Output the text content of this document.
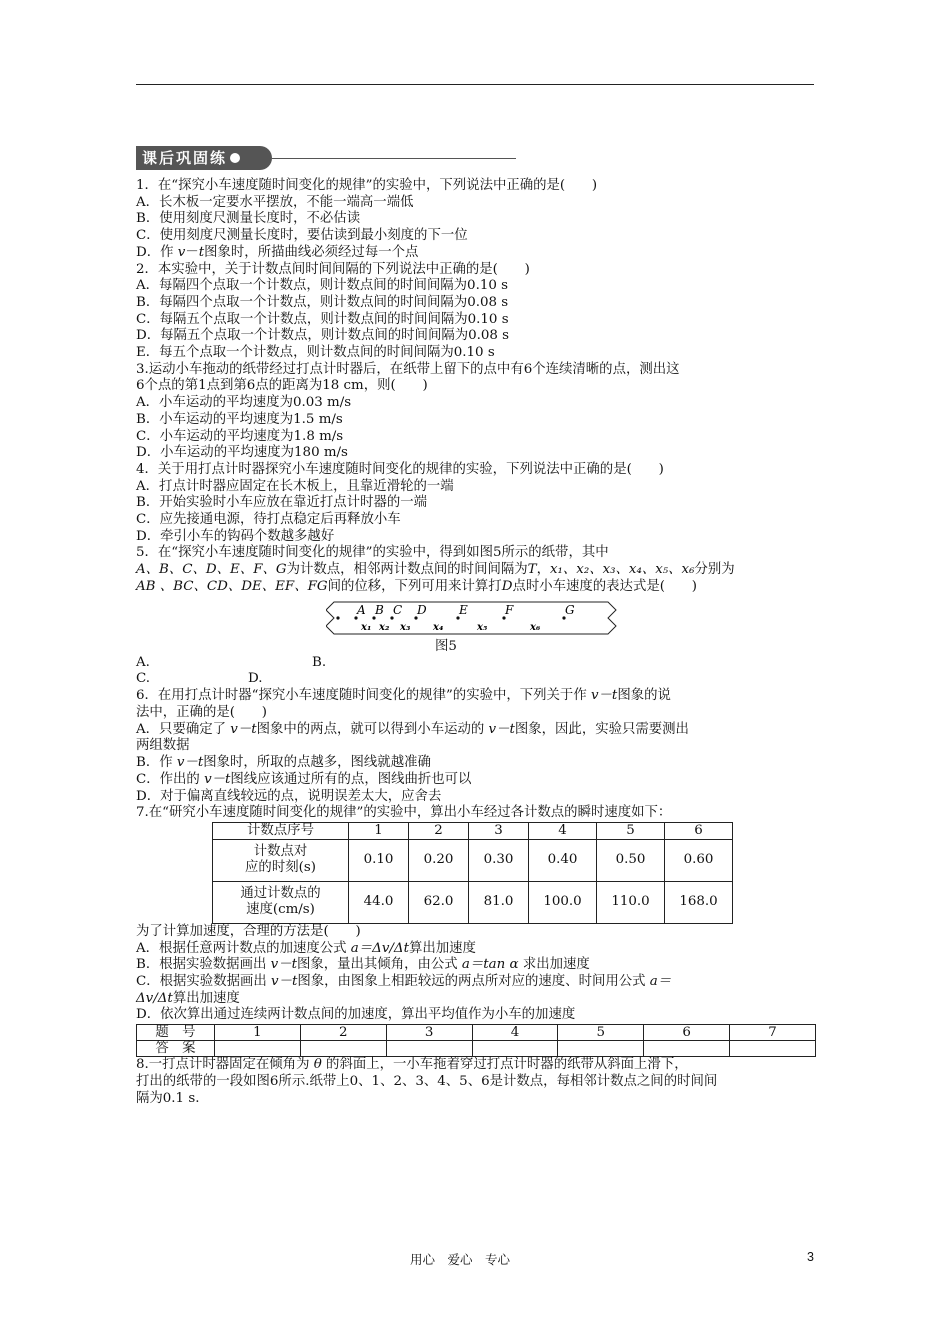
课后巩固练
1．在“探究小车速度随时间变化的规律”的实验中，下列说法中正确的是(　　)
A．长木板一定要水平摆放，不能一端高一端低
B．使用刻度尺测量长度时，不必估读
C．使用刻度尺测量长度时，要估读到最小刻度的下一位
D．作 v－t图象时，所描曲线必须经过每一个点
2．本实验中，关于计数点间时间间隔的下列说法中正确的是(　　)
A．每隔四个点取一个计数点，则计数点间的时间间隔为0.10 s
B．每隔四个点取一个计数点，则计数点间的时间间隔为0.08 s
C．每隔五个点取一个计数点，则计数点间的时间间隔为0.10 s
D．每隔五个点取一个计数点，则计数点间的时间间隔为0.08 s
E．每五个点取一个计数点，则计数点间的时间间隔为0.10 s
3.运动小车拖动的纸带经过打点计时器后，在纸带上留下的点中有6个连续清晰的点，测出这
6个点的第1点到第6点的距离为18 cm，则(　　)
A．小车运动的平均速度为0.03 m/s
B．小车运动的平均速度为1.5 m/s
C．小车运动的平均速度为1.8 m/s
D．小车运动的平均速度为180 m/s
4．关于用打点计时器探究小车速度随时间变化的规律的实验，下列说法中正确的是(　　)
A．打点计时器应固定在长木板上，且靠近滑轮的一端
B．开始实验时小车应放在靠近打点计时器的一端
C．应先接通电源，待打点稳定后再释放小车
D．牵引小车的钩码个数越多越好
5．在“探究小车速度随时间变化的规律”的实验中，得到如图5所示的纸带，其中
A、B、C、D、E、F、G为计数点，相邻两计数点间的时间间隔为T，x₁、x₂、x₃、x₄、x₅、x₆分别为
AB 、BC、CD、DE、EF、FG间的位移，下列可用来计算打D点时小车速度的表达式是(　　)
A B C D	E	F	G
x₁ x₂ x₃ x₄	x₅	x₆
图5
A.	B.
C.	D.
6．在用打点计时器“探究小车速度随时间变化的规律”的实验中，下列关于作 v－t图象的说
法中，正确的是(　　)
A．只要确定了 v－t图象中的两点，就可以得到小车运动的 v－t图象，因此，实验只需要测出
两组数据
B．作 v－t图象时，所取的点越多，图线就越准确
C．作出的 v－t图线应该通过所有的点，图线曲折也可以
D．对于偏离直线较远的点，说明误差太大，应舍去
7.在“研究小车速度随时间变化的规律”的实验中，算出小车经过各计数点的瞬时速度如下：
计数点序号	1	2	3	4	5	6

计数点对
应的时刻(s)	0.10	0.20	0.30	0.40	0.50	0.60

通过计数点的
速度(cm/s)	44.0	62.0	81.0	100.0	110.0	168.0
为了计算加速度，合理的方法是(　　)
A．根据任意两计数点的加速度公式 a＝Δv/Δt算出加速度
B．根据实验数据画出 v－t图象，量出其倾角，由公式 a＝tan α 求出加速度
C．根据实验数据画出 v－t图象，由图象上相距较远的两点所对应的速度、时间用公式 a＝
Δv/Δt算出加速度
D．依次算出通过连续两计数点间的加速度，算出平均值作为小车的加速度
题　号	1	2	3	4	5	6	7
答　案							
8.一打点计时器固定在倾角为 θ 的斜面上，一小车拖着穿过打点计时器的纸带从斜面上滑下，
打出的纸带的一段如图6所示.纸带上0、1、2、3、4、5、6是计数点，每相邻计数点之间的时间间
隔为0.1 s.
用心　爱心　专心	3
